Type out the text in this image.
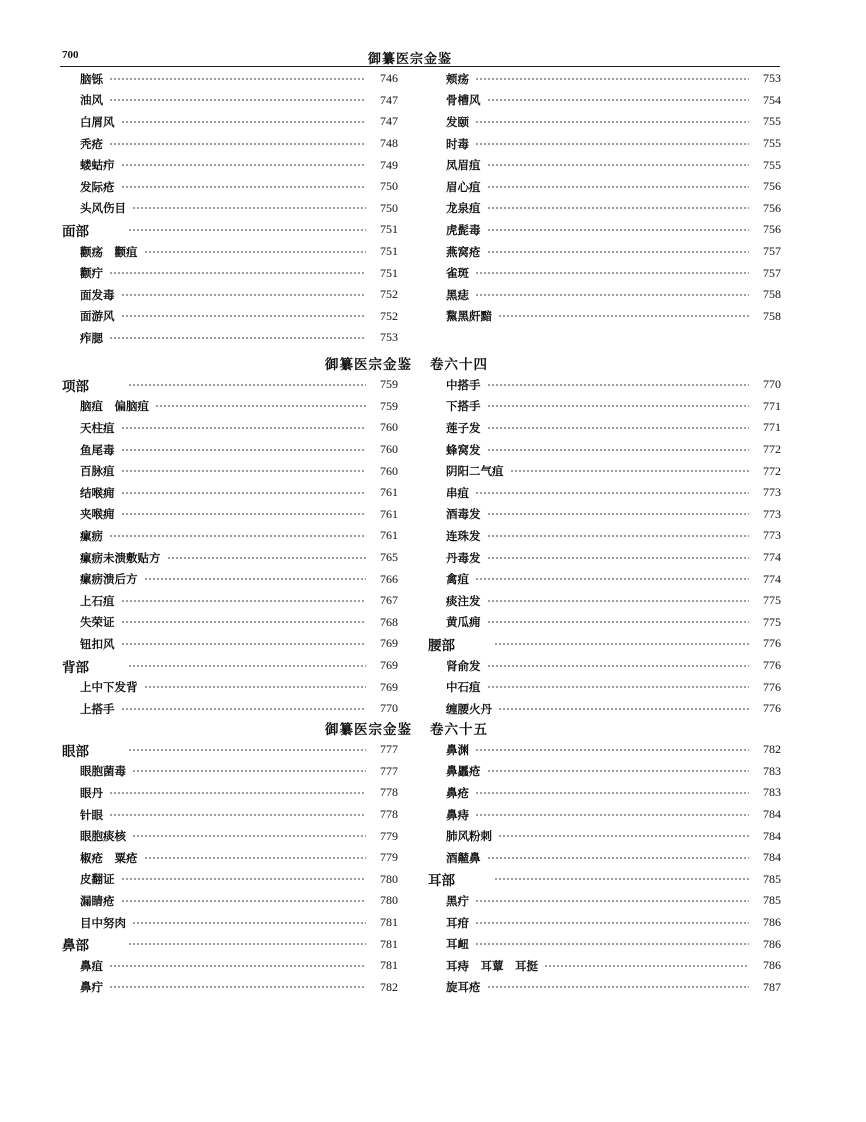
700	御纂医宗金鉴
脑铄	746
油风	747
白屑风	747
秃疮	748
蝼蛄疖	749
发际疮	750
头风伤目	750
面部	751
颧疡　颧疽	751
颧疔	751
面发毒	752
面游风	752
痄腮	753
颊疡	753
骨槽风	754
发颐	755
时毒	755
凤眉疽	755
眉心疽	756
龙泉疽	756
虎髭毒	756
燕窝疮	757
雀斑	757
黑痣	758
黧黑皯黯	758
御纂医宗金鉴 卷六十四
项部	759
脑疽　偏脑疽	759
天柱疽	760
鱼尾毒	760
百脉疽	760
结喉痈	761
夹喉痈	761
瘰疬	761
瘰疬未溃敷贴方	765
瘰疬溃后方	766
上石疽	767
失荣证	768
钮扣风	769
背部	769
上中下发背	769
上搭手	770
中搭手	770
下搭手	771
莲子发	771
蜂窝发	772
阴阳二气疽	772
串疽	773
酒毒发	773
连珠发	773
丹毒发	774
禽疽	774
痰注发	775
黄瓜痈	775
腰部	776
肾俞发	776
中石疽	776
缠腰火丹	776
御纂医宗金鉴 卷六十五
眼部	777
眼胞菌毒	777
眼丹	778
针眼	778
眼胞痰核	779
椒疮　粟疮	779
皮翻证	780
漏睛疮	780
目中努肉	781
鼻部	781
鼻疽	781
鼻疔	782
鼻渊	782
鼻䘌疮	783
鼻疮	783
鼻痔	784
肺风粉刺	784
酒齄鼻	784
耳部	785
黑疔	785
耳疳	786
耳衄	786
耳痔　耳蕈　耳挺	786
旋耳疮	787
